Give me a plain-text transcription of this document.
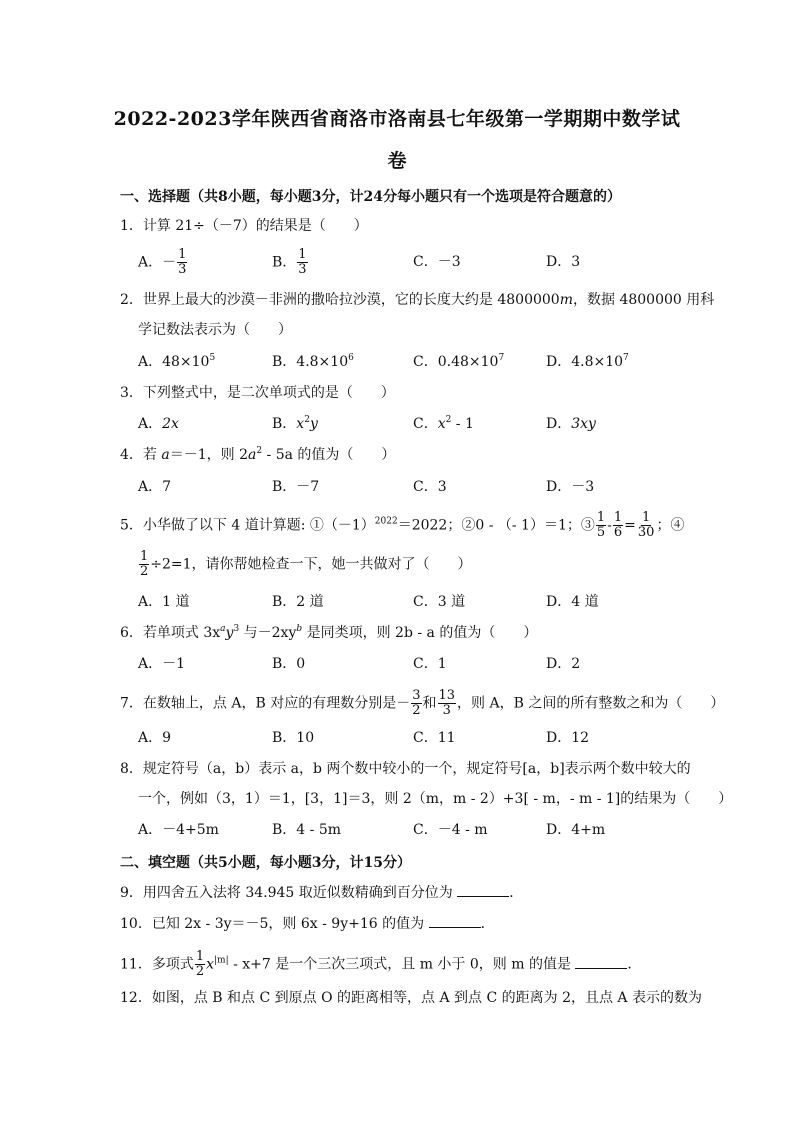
2022-2023学年陕西省商洛市洛南县七年级第一学期期中数学试
卷
一、选择题（共8小题，每小题3分，计24分每小题只有一个选项是符合题意的）
1．计算 21÷（－7）的结果是（　　）
A．－ $\frac{1}{3}$	B． $\frac{1}{3}$	C．－3	D．3
2．世界上最大的沙漠－非洲的撒哈拉沙漠，它的长度大约是 4800000m，数据 4800000 用科
学记数法表示为（　　）
A．$48\times 10^5$	B．$4.8\times 10^6$	C．$0.48\times 10^7$	D．$4.8\times 10^7$
3．下列整式中，是二次单项式的是（　　）
A．2x	B．$x^2y$	C．$x^2 - 1$	D．3xy
4．若 a＝－1，则 $2a^2 - 5a$ 的值为（　　）
A．7	B．－7	C．3	D．－3
5．小华做了以下 4 道计算题: $①(-1)^{2022}=2022$；②0 - （- 1）＝1；③ $\frac{1}{5} - \frac{1}{6} = \frac{1}{30}$ ；④
$\frac{1}{2} \div 2=1$，请你帮她检查一下，她一共做对了（　　）
A．1 道	B．2 道	C．3 道	D．4 道
6．若单项式 $3x^ay^3$ 与$-2xy^b$ 是同类项，则 2b - a 的值为（　　）
A．－1	B．0	C．1	D．2
7．在数轴上，点 A，B 对应的有理数分别是－ $\frac{3}{2}$ 和 $\frac{13}{3}$ ，则 A，B 之间的所有整数之和为（　　）
A．9	B．10	C．11	D．12
8．规定符号（a，b）表示 a，b 两个数中较小的一个，规定符号[a，b]表示两个数中较大的
一个，例如（3，1）＝1，[3，1]＝3，则 2（m，m - 2）+3[ - m，- m - 1]的结果为（　　）
A．－4+5m	B．4 - 5m	C．－4 - m	D．4+m
二、填空题（共5小题，每小题3分，计15分）
9．用四舍五入法将 34.945 取近似数精确到百分位为	．
10．已知 2x - 3y＝－5，则 6x - 9y+16 的值为	．
11．多项式 $\frac{1}{2} x^{|m|} - x+7$ 是一个三次三项式，且 m 小于 0，则 m 的值是	．
12．如图，点 B 和点 C 到原点 O 的距离相等，点 A 到点 C 的距离为 2，且点 A 表示的数为
